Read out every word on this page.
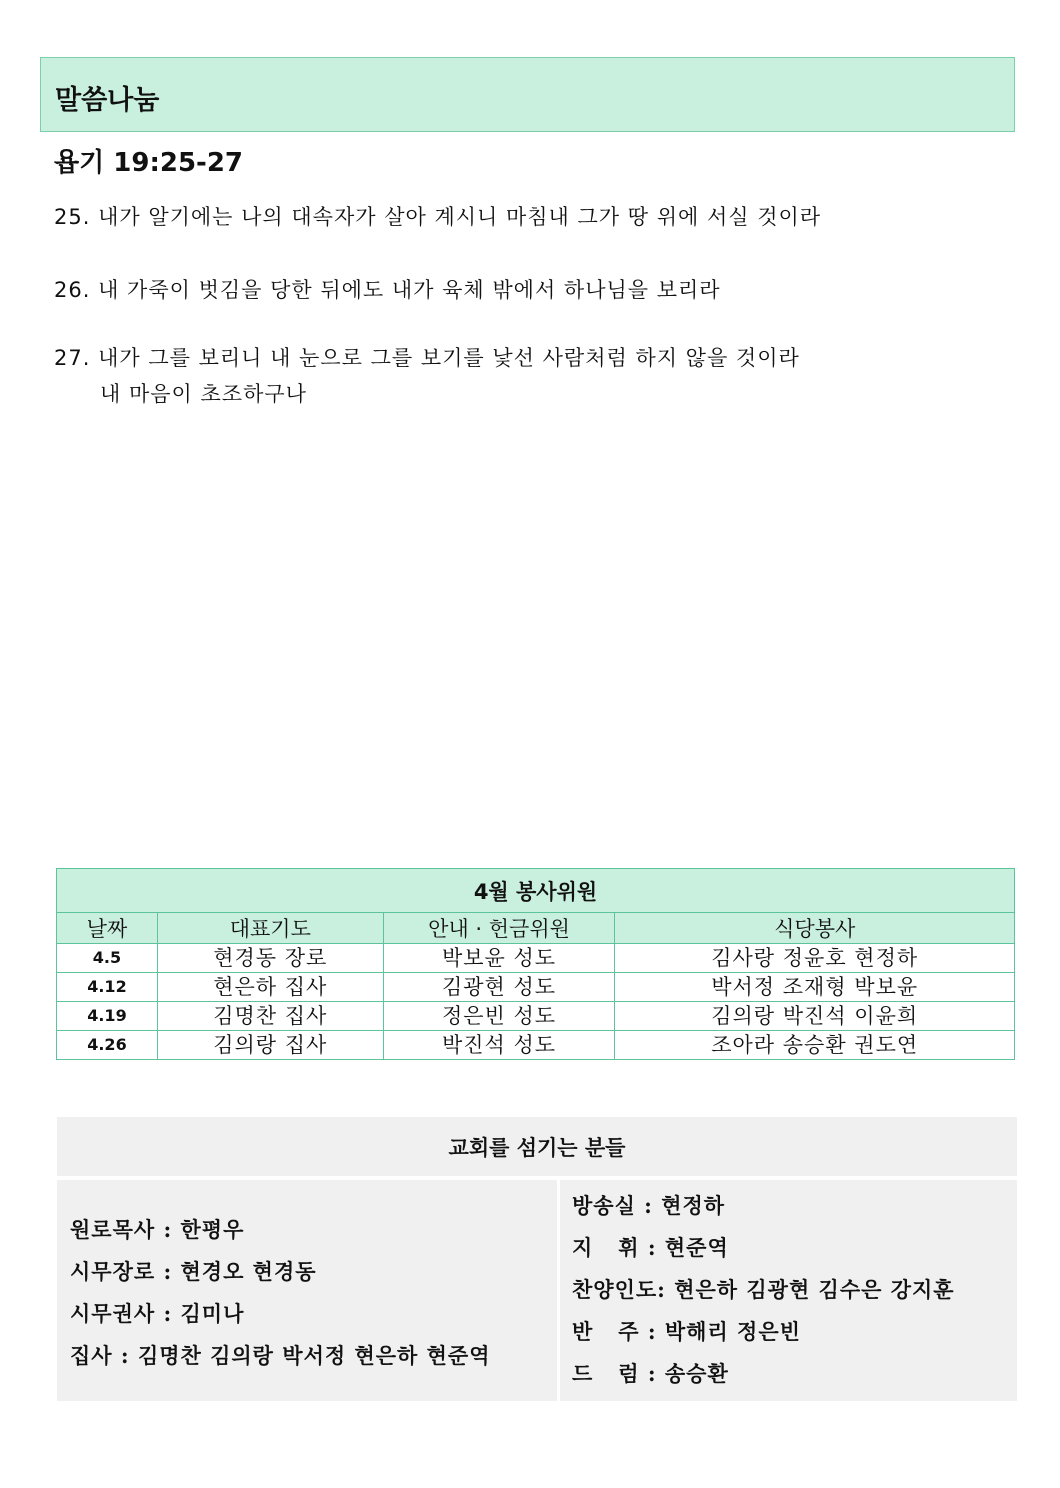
말씀나눔
욥기 19:25-27
25. 내가 알기에는 나의 대속자가 살아 계시니 마침내 그가 땅 위에 서실 것이라
26. 내 가죽이 벗김을 당한 뒤에도 내가 육체 밖에서 하나님을 보리라
27. 내가 그를 보리니 내 눈으로 그를 보기를 낯선 사람처럼 하지 않을 것이라
내 마음이 초조하구나
4월 봉사위원			
날짜	대표기도	안내 · 헌금위원	식당봉사
4.5	현경동 장로	박보윤 성도	김사랑 정윤호 현정하
4.12	현은하 집사	김광현 성도	박서정 조재형 박보윤
4.19	김명찬 집사	정은빈 성도	김의랑 박진석 이윤희
4.26	김의랑 집사	박진석 성도	조아라 송승환 권도연
교회를 섬기는 분들
원로목사 : 한평우
시무장로 : 현경오 현경동
시무권사 : 김미나
집사 : 김명찬 김의랑 박서정 현은하 현준역
방송실 : 현정하
지   휘 : 현준역
찬양인도: 현은하 김광현 김수은 강지훈
반   주 : 박해리 정은빈
드   럼 : 송승환
